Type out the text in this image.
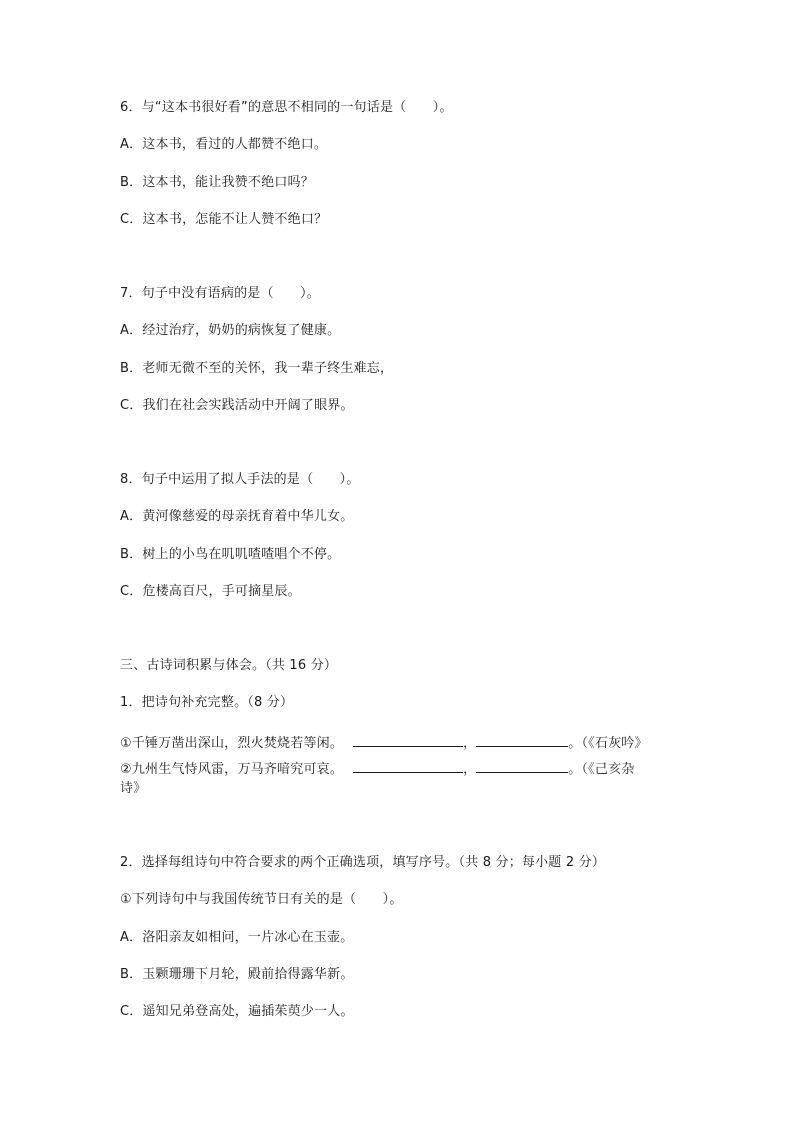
6．与“这本书很好看”的意思不相同的一句话是（　　）。
A．这本书，看过的人都赞不绝口。
B．这本书，能让我赞不绝口吗？
C．这本书，怎能不让人赞不绝口？
7．句子中没有语病的是（　　）。
A．经过治疗，奶奶的病恢复了健康。
B．老师无微不至的关怀，我一辈子终生难忘，
C．我们在社会实践活动中开阔了眼界。
8．句子中运用了拟人手法的是（　　）。
A．黄河像慈爱的母亲抚育着中华儿女。
B．树上的小鸟在叽叽喳喳唱个不停。
C．危楼高百尺，手可摘星辰。
三、古诗词积累与体会。（共 16 分）
1．把诗句补充完整。（8 分）
①千锤万凿出深山，烈火焚烧若等闲。	，	。（《石灰吟》
②九州生气恃风雷，万马齐喑究可哀。	，	。（《己亥杂
诗》
2．选择每组诗句中符合要求的两个正确选项，填写序号。（共 8 分；每小题 2 分）
①下列诗句中与我国传统节日有关的是（　　）。
A．洛阳亲友如相问，一片冰心在玉壶。
B．玉颗珊珊下月轮，殿前拾得露华新。
C．遥知兄弟登高处，遍插茱萸少一人。
